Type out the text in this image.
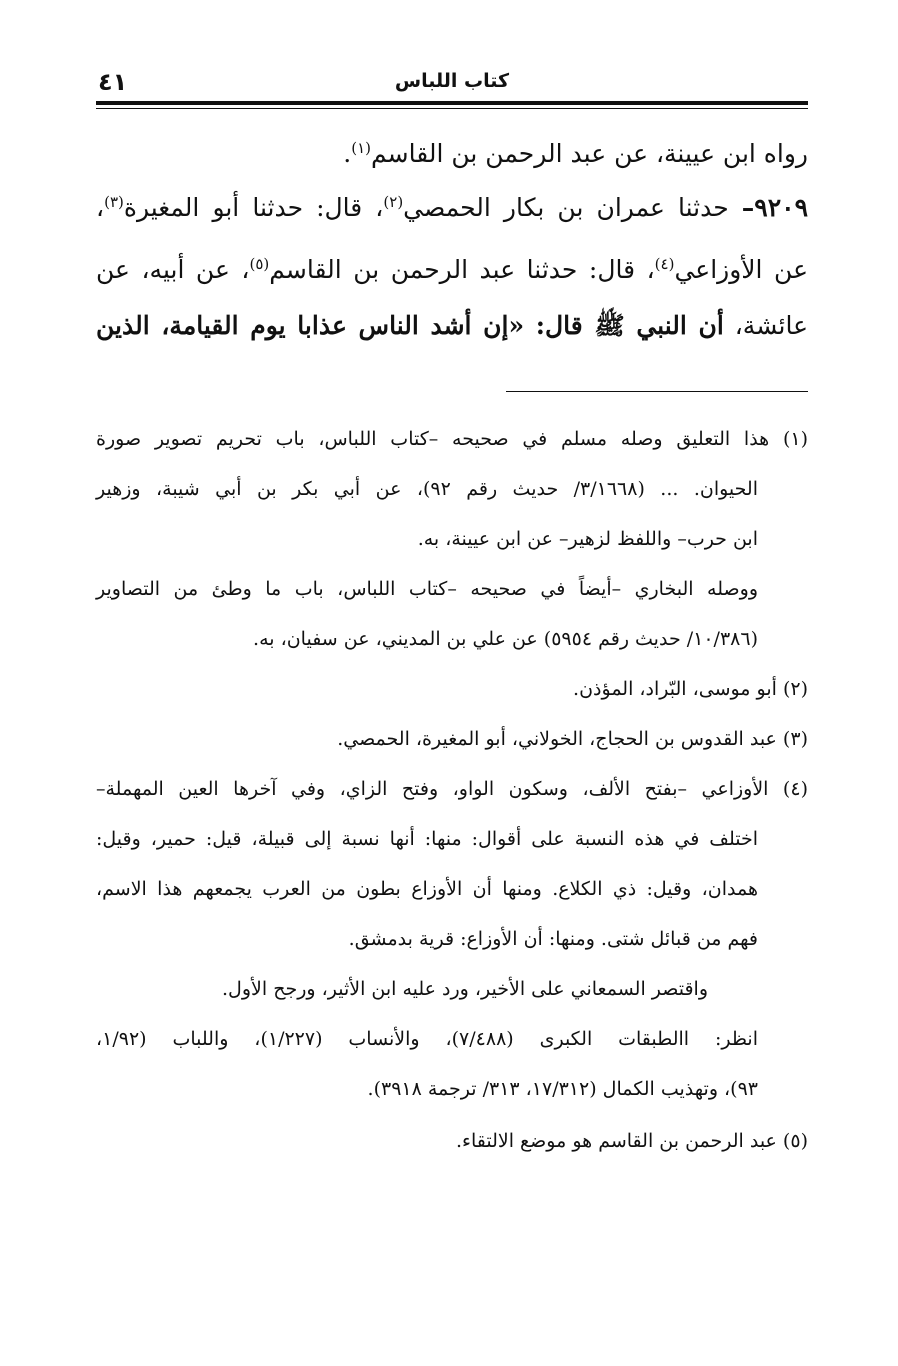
٤١	كتاب اللباس
رواه ابن عيينة، عن عبد الرحمن بن القاسم$^{(١)}$.
٩٢٠٩– حدثنا عمران بن بكار الحمصي$^{(٢)}$، قال: حدثنا أبو المغيرة$^{(٣)}$،
عن الأوزاعي$^{(٤)}$، قال: حدثنا عبد الرحمن بن القاسم$^{(٥)}$، عن أبيه، عن
عائشة، أن النبي ﷺ قال: «إن أشد الناس عذابا يوم القيامة، الذين
(١) هذا التعليق وصله مسلم في صحيحه –كتاب اللباس، باب تحريم تصوير صورة
الحيوان. ... (٣/١٦٦٨/ حديث رقم ٩٢)، عن أبي بكر بن أبي شيبة، وزهير
ابن حرب– واللفظ لزهير– عن ابن عيينة، به.
ووصله البخاري –أيضاً في صحيحه –كتاب اللباس، باب ما وطئ من التصاوير
(١٠/٣٨٦/ حديث رقم ٥٩٥٤) عن علي بن المديني، عن سفيان، به.
(٢) أبو موسى، البّراد، المؤذن.
(٣) عبد القدوس بن الحجاج، الخولاني، أبو المغيرة، الحمصي.
(٤) الأوزاعي –بفتح الألف، وسكون الواو، وفتح الزاي، وفي آخرها العين المهملة–
اختلف في هذه النسبة على أقوال: منها: أنها نسبة إلى قبيلة، قيل: حمير، وقيل:
همدان، وقيل: ذي الكلاع. ومنها أن الأوزاع بطون من العرب يجمعهم هذا الاسم،
فهم من قبائل شتى. ومنها: أن الأوزاع: قرية بدمشق.
واقتصر السمعاني على الأخير، ورد عليه ابن الأثير، ورجح الأول.
انظر: االطبقات الكبرى (٧/٤٨٨)، والأنساب (١/٢٢٧)، واللباب (١/٩٢،
٩٣)، وتهذيب الكمال (١٧/٣١٢، ٣١٣/ ترجمة ٣٩١٨).
(٥) عبد الرحمن بن القاسم هو موضع الالتقاء.
